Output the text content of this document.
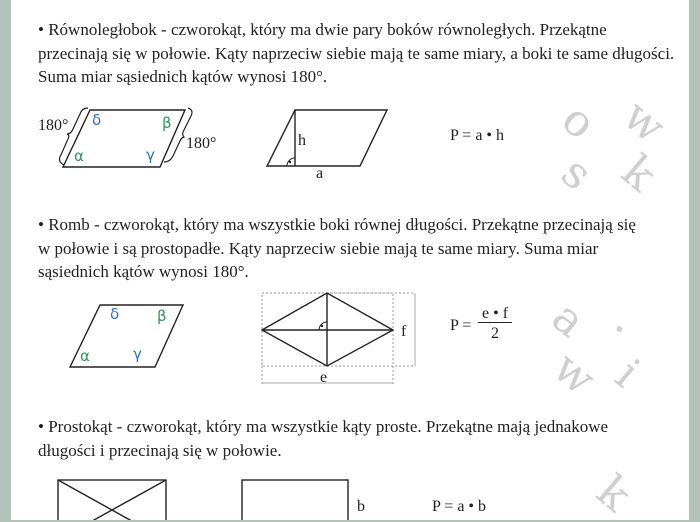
• Równoległobok - czworokąt, który ma dwie pary boków równoległych. Przekątne przecinają się w połowie. Kąty naprzeciw siebie mają te same miary, a boki te same długości. Suma miar sąsiednich kątów wynosi 180°.
• Romb - czworokąt, który ma wszystkie boki równej długości. Przekątne przecinają się w połowie i są prostopadłe. Kąty naprzeciw siebie mają te same miary. Suma miar sąsiednich kątów wynosi 180°.
• Prostokąt - czworokąt, który ma wszystkie kąty proste. Przekątne mają jednakowe długości i przecinają się w połowie.
180°
180°
δ	β
α	γ
h
a
P = a • h
δ	β
α	γ
f
e
P =
e • f
2
b	P = a • b
o w
s k
a .
w i
k
